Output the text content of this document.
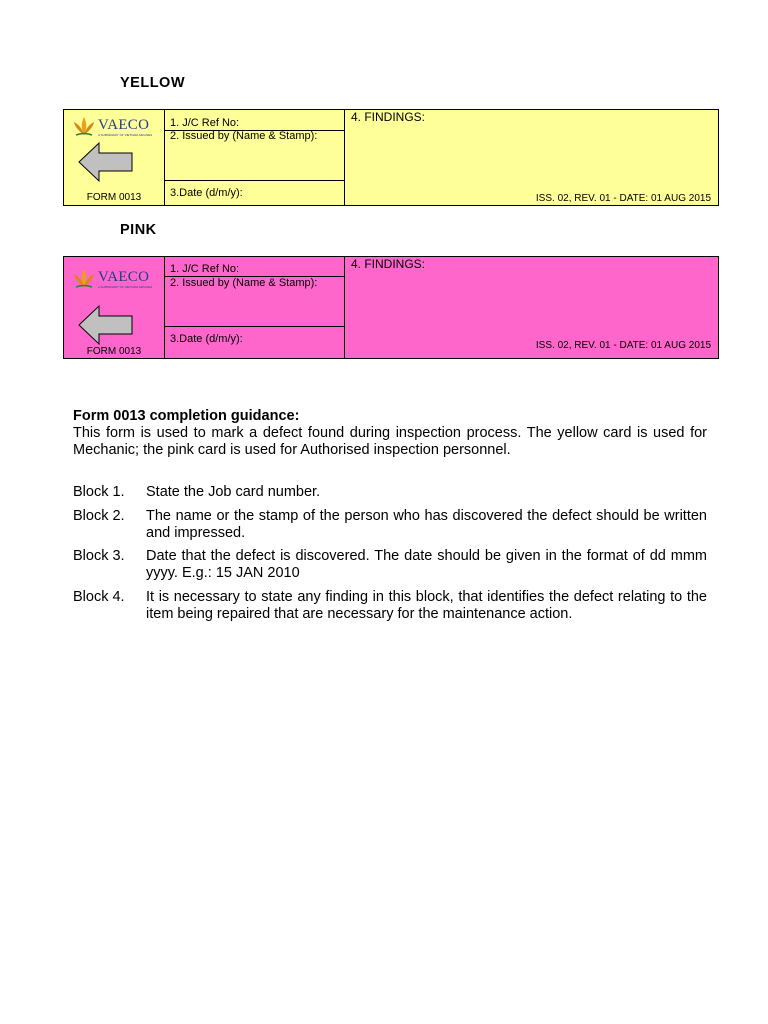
YELLOW
VAECO
A SUBSIDIARY OF VIETNAM AIRLINES
FORM 0013
1. J/C Ref No:
2. Issued by (Name & Stamp):
3.Date (d/m/y):
4. FINDINGS:
ISS. 02, REV. 01 - DATE: 01 AUG 2015
PINK
VAECO
A SUBSIDIARY OF VIETNAM AIRLINES
FORM 0013
1. J/C Ref No:
2. Issued by (Name & Stamp):
3.Date (d/m/y):
4. FINDINGS:
ISS. 02, REV. 01 - DATE: 01 AUG 2015
Form 0013 completion guidance:
This form is used to mark a defect found during inspection process. The yellow card is used for Mechanic; the pink card is used for Authorised inspection personnel.
Block 1. State the Job card number.
Block 2. The name or the stamp of the person who has discovered the defect should be written and impressed.
Block 3. Date that the defect is discovered. The date should be given in the format of dd mmm yyyy. E.g.: 15 JAN 2010
Block 4. It is necessary to state any finding in this block, that identifies the defect relating to the item being repaired that are necessary for the maintenance action.
